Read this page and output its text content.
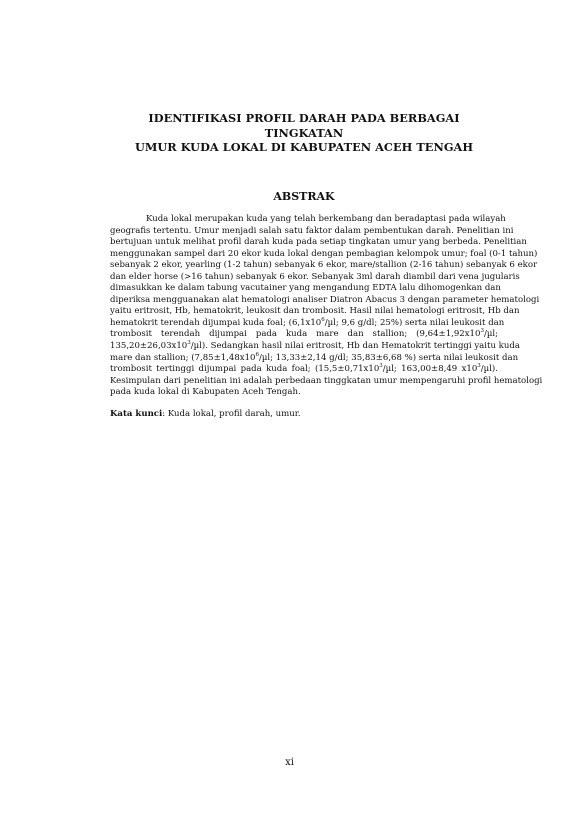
IDENTIFIKASI PROFIL DARAH PADA BERBAGAI TINGKATAN
UMUR KUDA LOKAL DI KABUPATEN ACEH TENGAH
ABSTRAK
Kuda lokal merupakan kuda yang telah berkembang dan beradaptasi pada wilayah
geografis tertentu. Umur menjadi salah satu faktor dalam pembentukan darah. Penelitian ini
bertujuan untuk melihat profil darah kuda pada setiap tingkatan umur yang berbeda. Penelitian
menggunakan sampel dari 20 ekor kuda lokal dengan pembagian kelompok umur; foal (0-1 tahun)
sebanyak 2 ekor, yearling (1-2 tahun) sebanyak 6 ekor, mare/stallion (2-16 tahun) sebanyak 6 ekor
dan elder horse (>16 tahun) sebanyak 6 ekor. Sebanyak 3ml darah diambil dari vena jugularis
dimasukkan ke dalam tabung vacutainer yang mengandung EDTA lalu dihomogenkan dan
diperiksa mengguanakan alat hematologi analiser Diatron Abacus 3 dengan parameter hematologi
yaitu eritrosit, Hb, hematokrit, leukosit dan trombosit. Hasil nilai hematologi eritrosit, Hb dan
hematokrit terendah dijumpai kuda foal; ($6,1x10^6/\mu l$; 9,6 g/dl; 25%) serta nilai leukosit dan
trombosit terendah dijumpai pada kuda mare dan stallion; ($9,64\pm 1,92x10^3/\mu l$;
$135,20\pm 26,03x10^3/\mu l$). Sedangkan hasil nilai eritrosit, Hb dan Hematokrit tertinggi yaitu kuda
mare dan stallion; ($7,85\pm 1,48x10^6/\mu l$; 13,33±2,14 g/dl; 35,83±6,68 %) serta nilai leukosit dan
trombosit tertinggi dijumpai pada kuda foal; ($15,5\pm 0,71x10^3/\mu l$; 163,00±8,49 $x10^3/\mu l$).
Kesimpulan dari penelitian ini adalah perbedaan tinggkatan umur mempengaruhi profil hematologi
pada kuda lokal di Kabupaten Aceh Tengah.
Kata kunci: Kuda lokal, profil darah, umur.
xi
